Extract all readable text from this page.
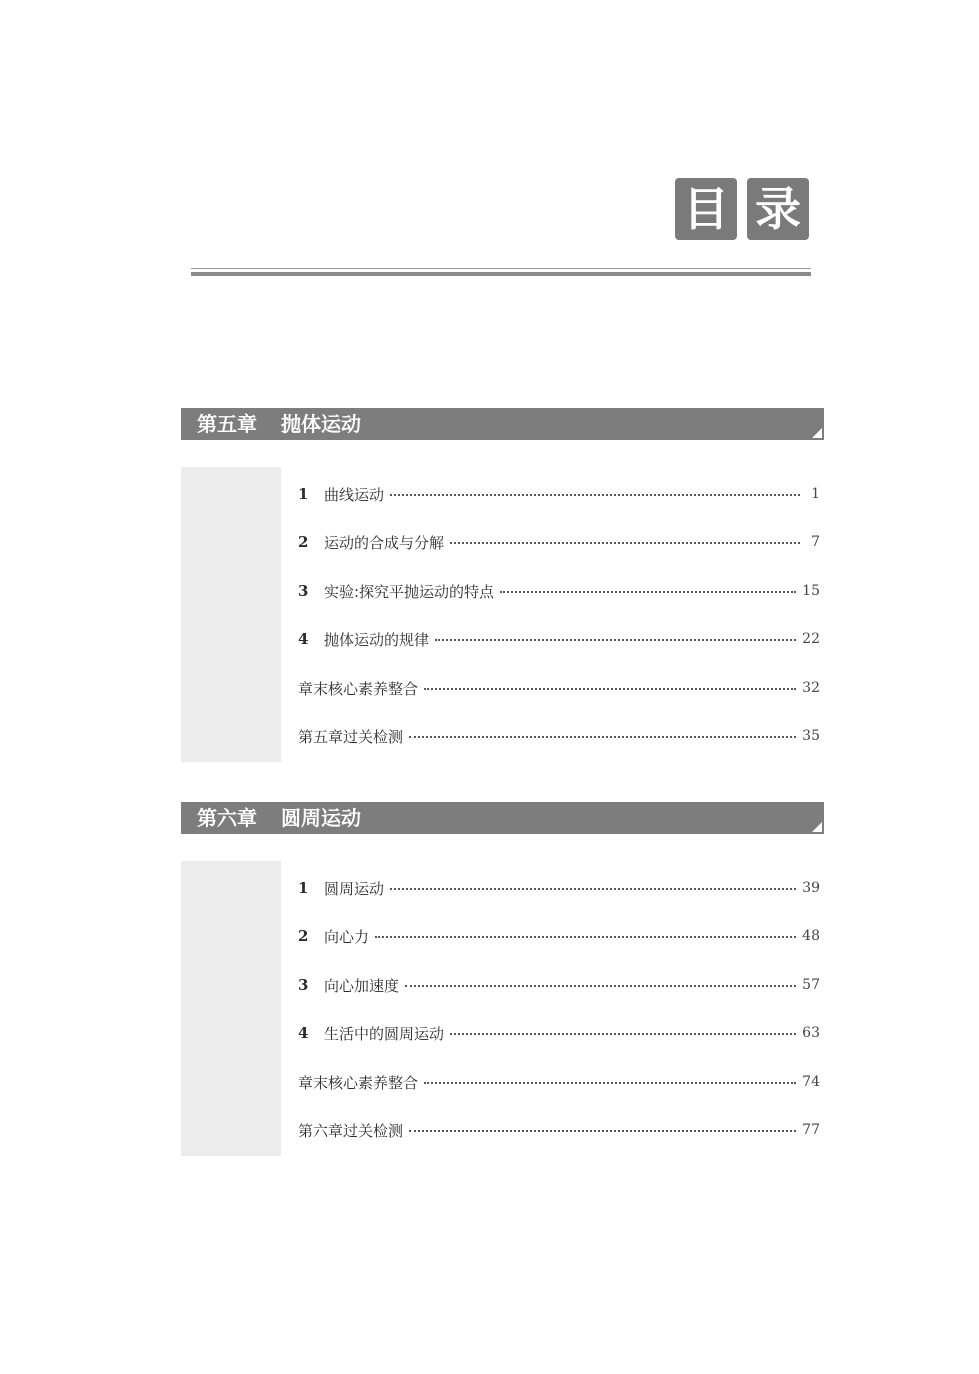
目 录
第五章 抛体运动
1	曲线运动	1
2	运动的合成与分解	7
3	实验:探究平抛运动的特点	15
4	抛体运动的规律	22
章末核心素养整合	32
第五章过关检测	35
第六章 圆周运动
1	圆周运动	39
2	向心力	48
3	向心加速度	57
4	生活中的圆周运动	63
章末核心素养整合	74
第六章过关检测	77
